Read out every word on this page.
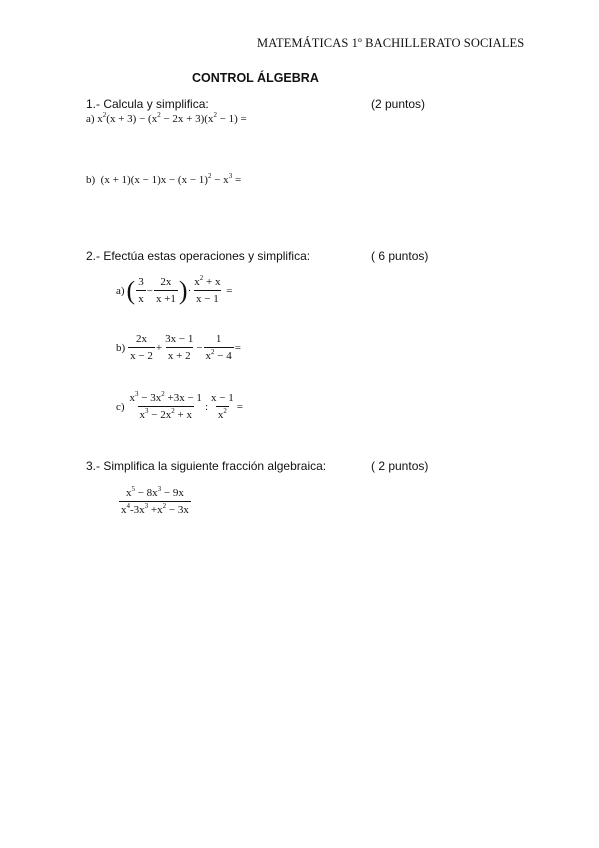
MATEMÁTICAS 1º BACHILLERATO SOCIALES
CONTROL ÁLGEBRA
1.- Calcula y simplifica:	(2 puntos)
a) $x^2(x + 3) - (x^2 - 2x + 3)(x^2 - 1)$ =
b)  $(x + 1)(x - 1)x - (x - 1)^2 - x^3$ =
2.- Efectúa estas operaciones y simplifica:	( 6 puntos)
a) ( $\frac{3}{x} - \frac{2x}{x +1}$ ) · $\frac{x^2 + x}{x - 1}$ =
$b) \frac{2x}{x - 2} + \frac{3x - 1}{x + 2} - \frac{1}{x^2 - 4}$ =
$c) \frac{x^3 - 3x^2 +3x - 1}{x^3 - 2x^2 + x}$ : $\frac{x - 1}{x^2}$ =
3.- Simplifica la siguiente fracción algebraica:	( 2 puntos)
$\frac{x^5 - 8x^3 - 9x}{x^4-3x^3 +x^2 - 3x}$
